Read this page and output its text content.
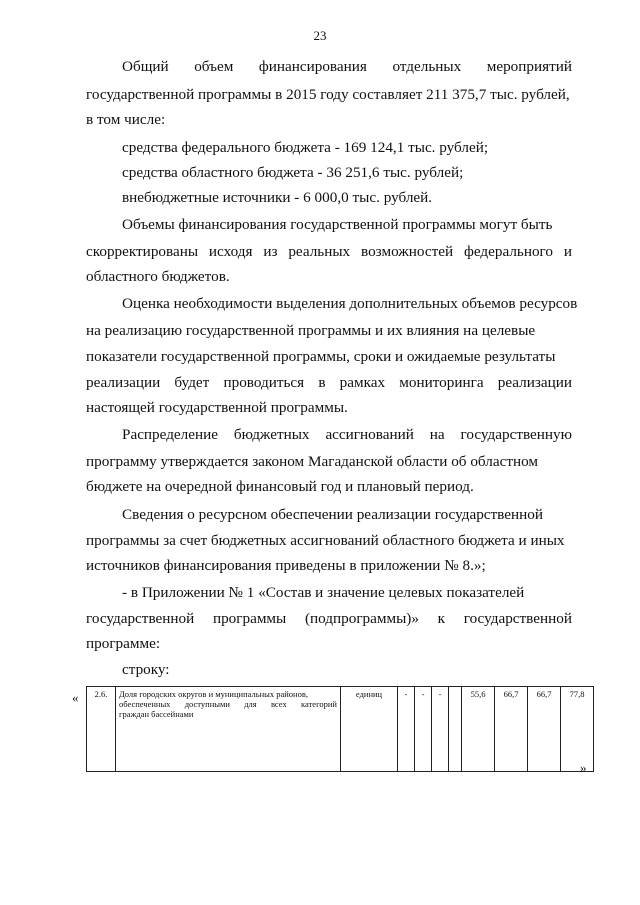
23
Общий объем финансирования отдельных мероприятий
государственной программы в 2015 году составляет 211 375,7 тыс. рублей,
в том числе:
средства федерального бюджета - 169 124,1 тыс. рублей;
средства областного бюджета - 36 251,6 тыс. рублей;
внебюджетные источники - 6 000,0 тыс. рублей.
Объемы финансирования государственной программы могут быть
скорректированы исходя из реальных возможностей федерального и
областного бюджетов.
Оценка необходимости выделения дополнительных объемов ресурсов
на реализацию государственной программы и их влияния на целевые
показатели государственной программы, сроки и ожидаемые результаты
реализации будет проводиться в рамках мониторинга реализации
настоящей государственной программы.
Распределение бюджетных ассигнований на государственную
программу утверждается законом Магаданской области об областном
бюджете на очередной финансовый год и плановый период.
Сведения о ресурсном обеспечении реализации государственной
программы за счет бюджетных ассигнований областного бюджета и иных
источников финансирования приведены в приложении № 8.»;
- в Приложении № 1 «Состав и значение целевых показателей
государственной программы (подпрограммы)» к государственной
программе:
строку:
« 2.6.	Доля городских округов и муниципальных районов,
обеспеченных доступными для всех категорий
граждан бассейнами
	единиц	-	-	-		55,6	66,7	66,7	77,8
»
